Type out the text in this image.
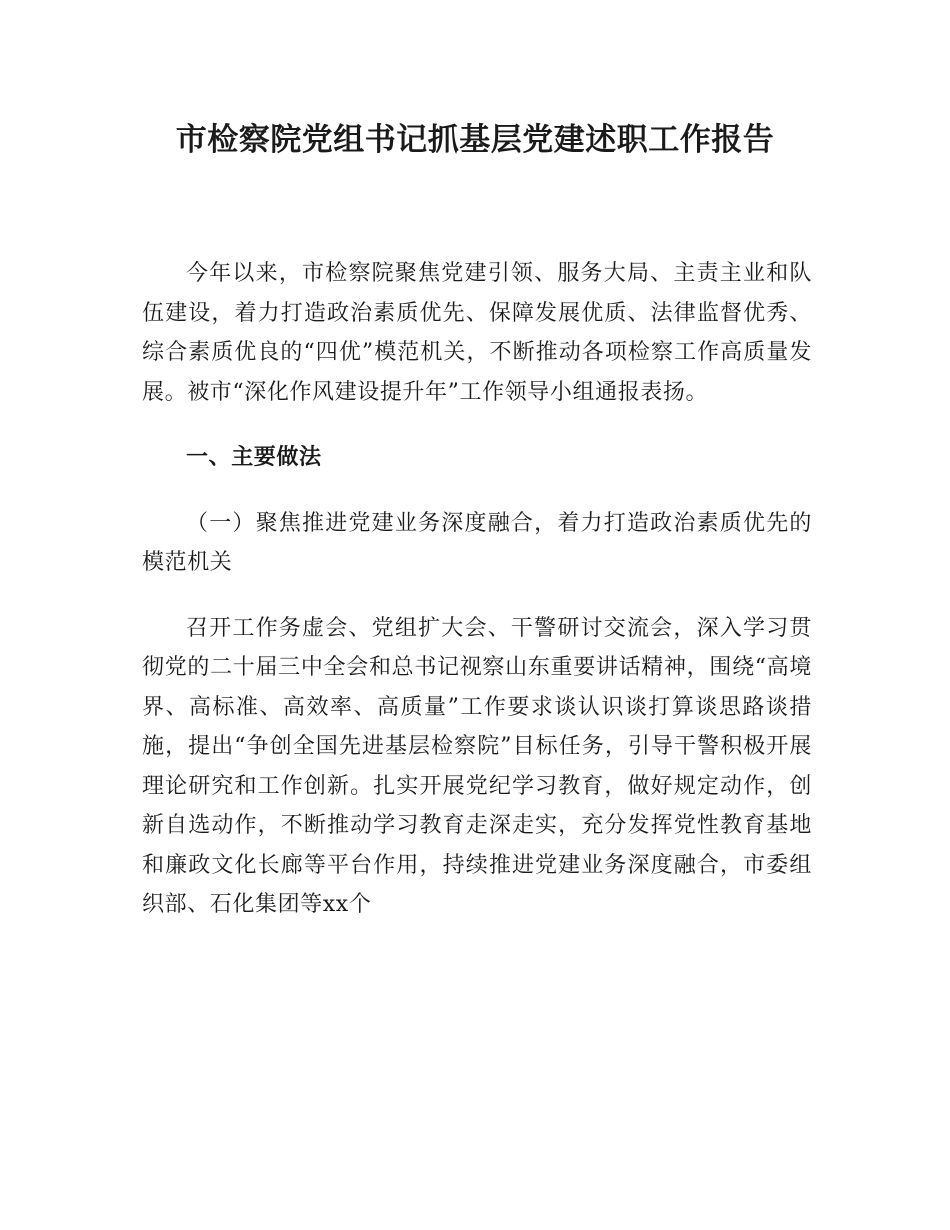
市检察院党组书记抓基层党建述职工作报告

今年以来，市检察院聚焦党建引领、服务大局、主责主业和队伍建设，着力打造政治素质优先、保障发展优质、法律监督优秀、综合素质优良的“四优”模范机关，不断推动各项检察工作高质量发展。被市“深化作风建设提升年”工作领导小组通报表扬。

一、主要做法

（一）聚焦推进党建业务深度融合，着力打造政治素质优先的模范机关

召开工作务虚会、党组扩大会、干警研讨交流会，深入学习贯彻党的二十届三中全会和总书记视察山东重要讲话精神，围绕“高境界、高标准、高效率、高质量”工作要求谈认识谈打算谈思路谈措施，提出“争创全国先进基层检察院”目标任务，引导干警积极开展理论研究和工作创新。扎实开展党纪学习教育，做好规定动作，创新自选动作，不断推动学习教育走深走实，充分发挥党性教育基地和廉政文化长廊等平台作用，持续推进党建业务深度融合，市委组织部、石化集团等xx个
